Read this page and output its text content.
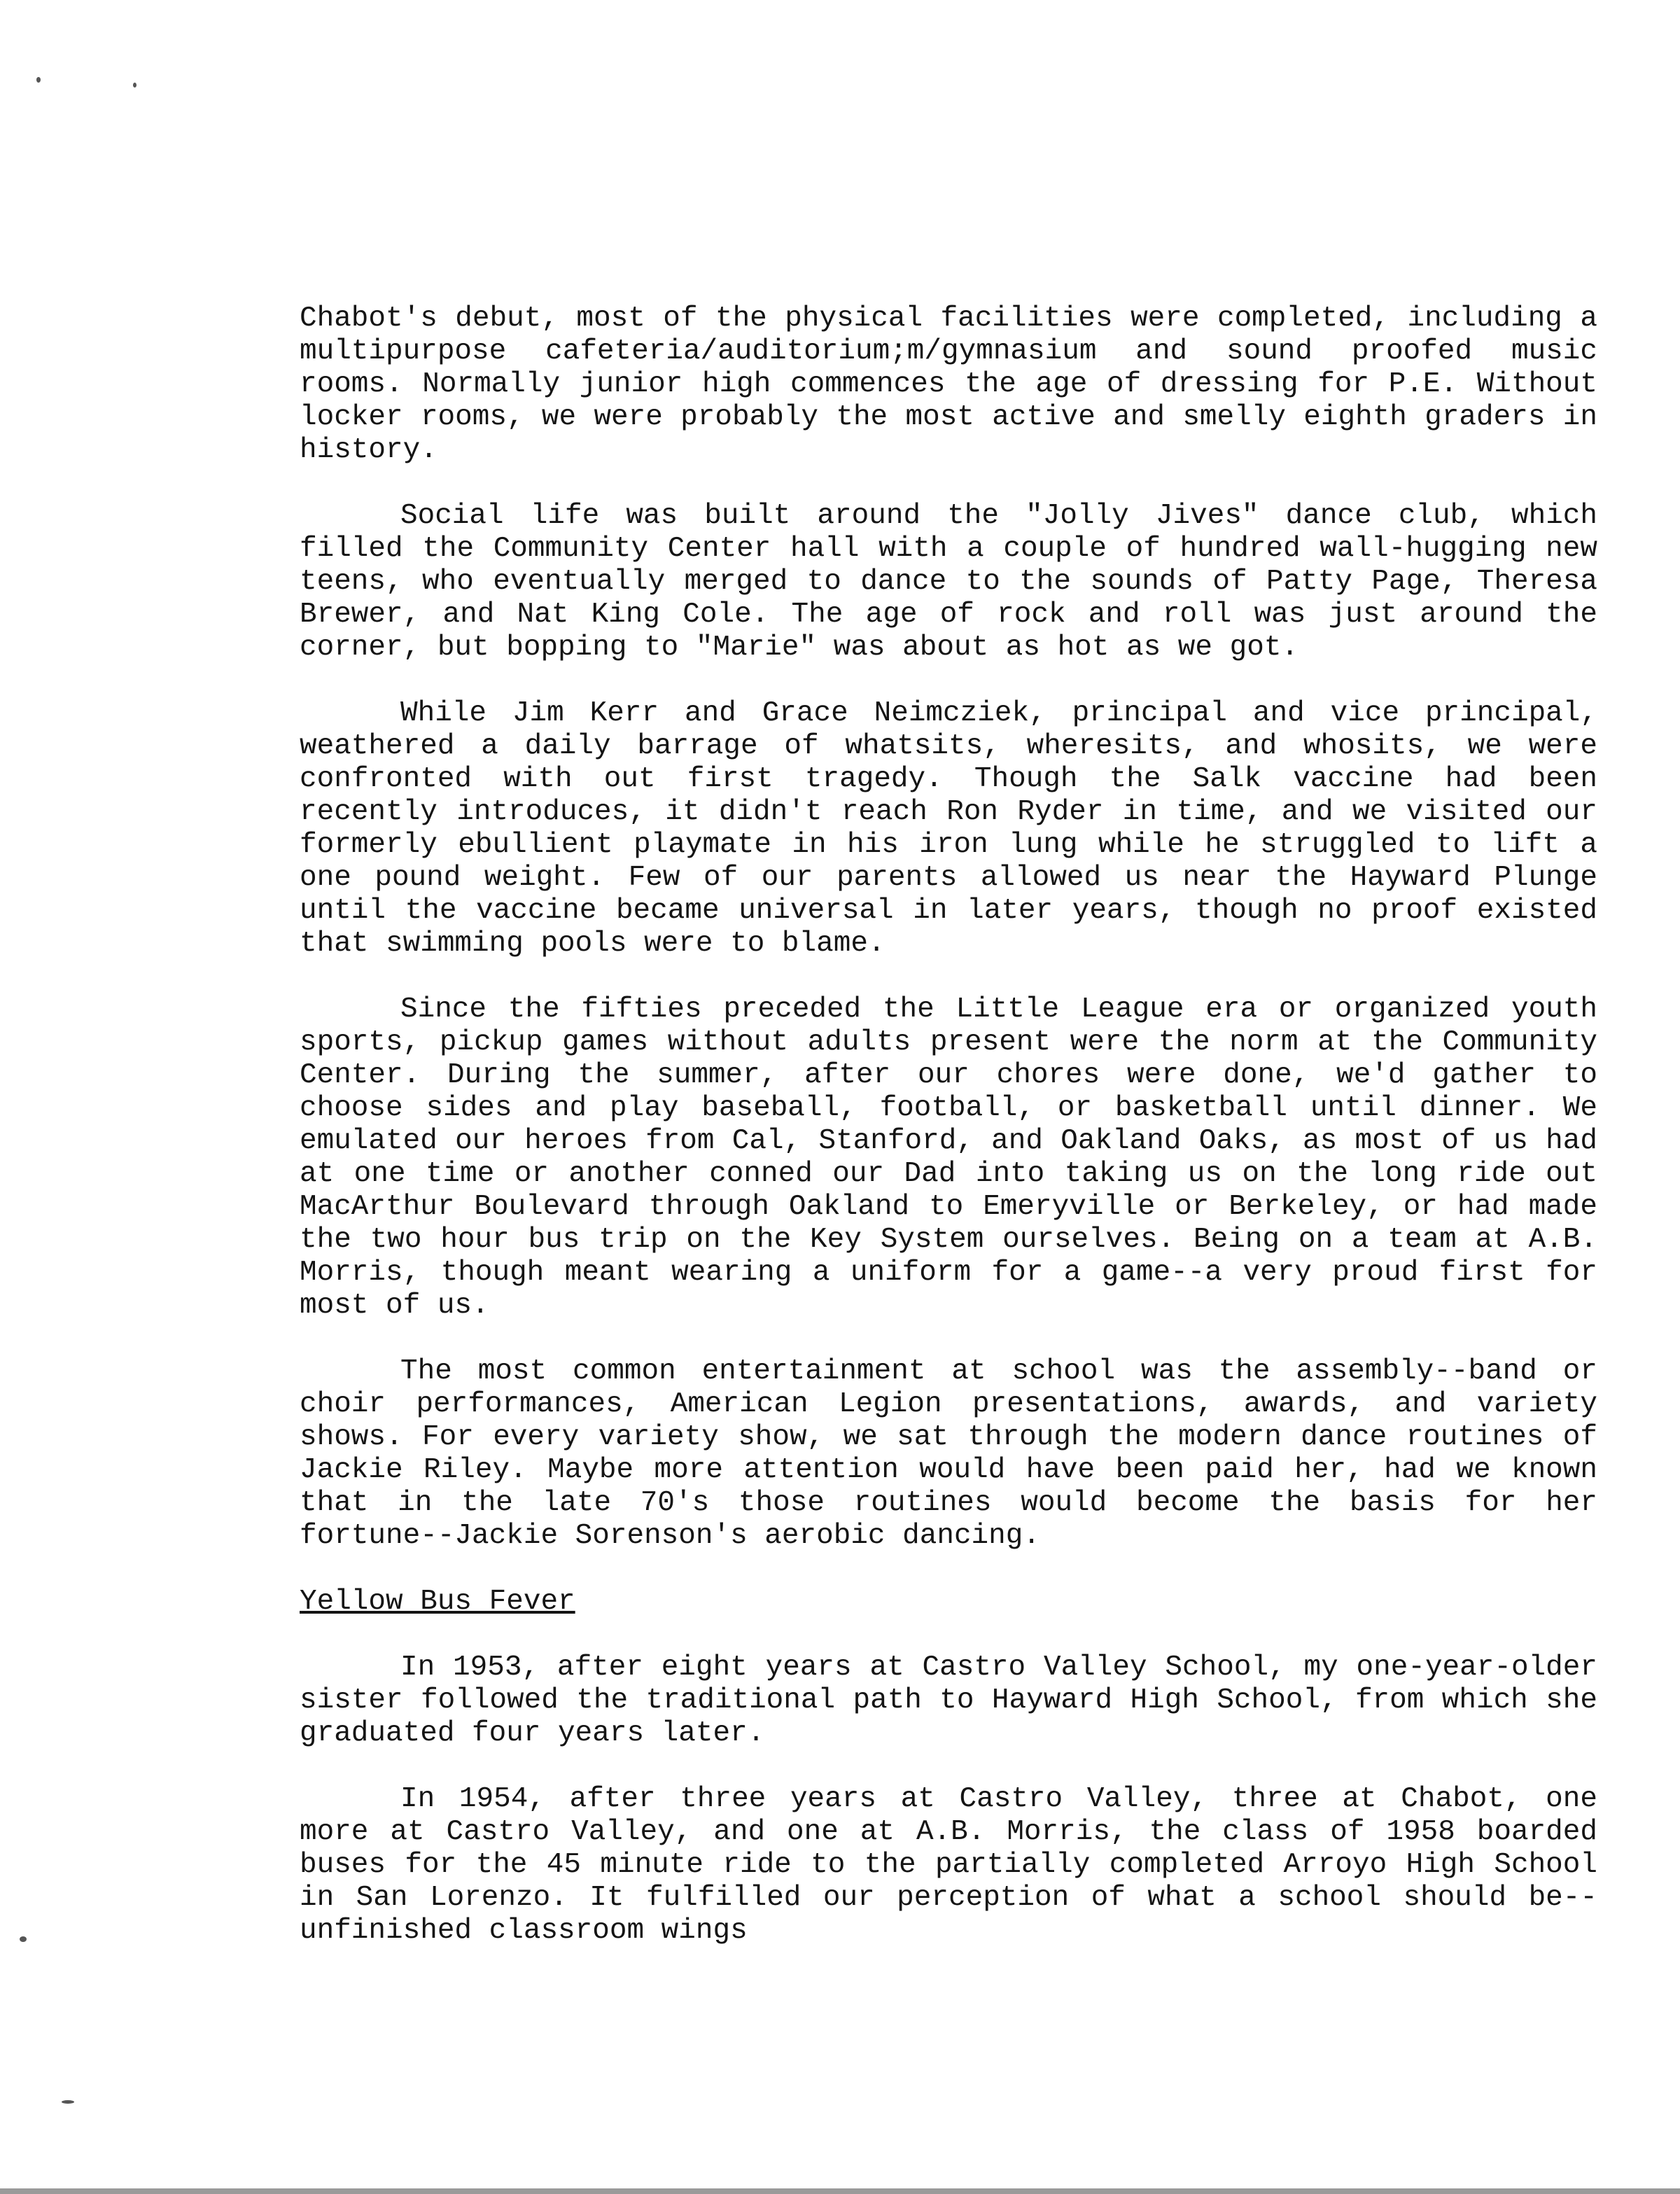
Chabot's debut, most of the physical facilities were completed, including a multipurpose cafeteria/auditorium;m/gymnasium and sound proofed music rooms. Normally junior high commences the age of dressing for P.E. Without locker rooms, we were probably the most active and smelly eighth graders in history.

Social life was built around the "Jolly Jives" dance club, which filled the Community Center hall with a couple of hundred wall-hugging new teens, who eventually merged to dance to the sounds of Patty Page, Theresa Brewer, and Nat King Cole. The age of rock and roll was just around the corner, but bopping to "Marie" was about as hot as we got.

While Jim Kerr and Grace Neimcziek, principal and vice principal, weathered a daily barrage of whatsits, wheresits, and whosits, we were confronted with out first tragedy. Though the Salk vaccine had been recently introduces, it didn't reach Ron Ryder in time, and we visited our formerly ebullient playmate in his iron lung while he struggled to lift a one pound weight. Few of our parents allowed us near the Hayward Plunge until the vaccine became universal in later years, though no proof existed that swimming pools were to blame.

Since the fifties preceded the Little League era or organized youth sports, pickup games without adults present were the norm at the Community Center. During the summer, after our chores were done, we'd gather to choose sides and play baseball, football, or basketball until dinner. We emulated our heroes from Cal, Stanford, and Oakland Oaks, as most of us had at one time or another conned our Dad into taking us on the long ride out MacArthur Boulevard through Oakland to Emeryville or Berkeley, or had made the two hour bus trip on the Key System ourselves. Being on a team at A.B. Morris, though meant wearing a uniform for a game--a very proud first for most of us.

The most common entertainment at school was the assembly--band or choir performances, American Legion presentations, awards, and variety shows. For every variety show, we sat through the modern dance routines of Jackie Riley. Maybe more attention would have been paid her, had we known that in the late 70's those routines would become the basis for her fortune--Jackie Sorenson's aerobic dancing.

Yellow Bus Fever

In 1953, after eight years at Castro Valley School, my one-year-older sister followed the traditional path to Hayward High School, from which she graduated four years later.

In 1954, after three years at Castro Valley, three at Chabot, one more at Castro Valley, and one at A.B. Morris, the class of 1958 boarded buses for the 45 minute ride to the partially completed Arroyo High School in San Lorenzo. It fulfilled our perception of what a school should be--unfinished classroom wings
